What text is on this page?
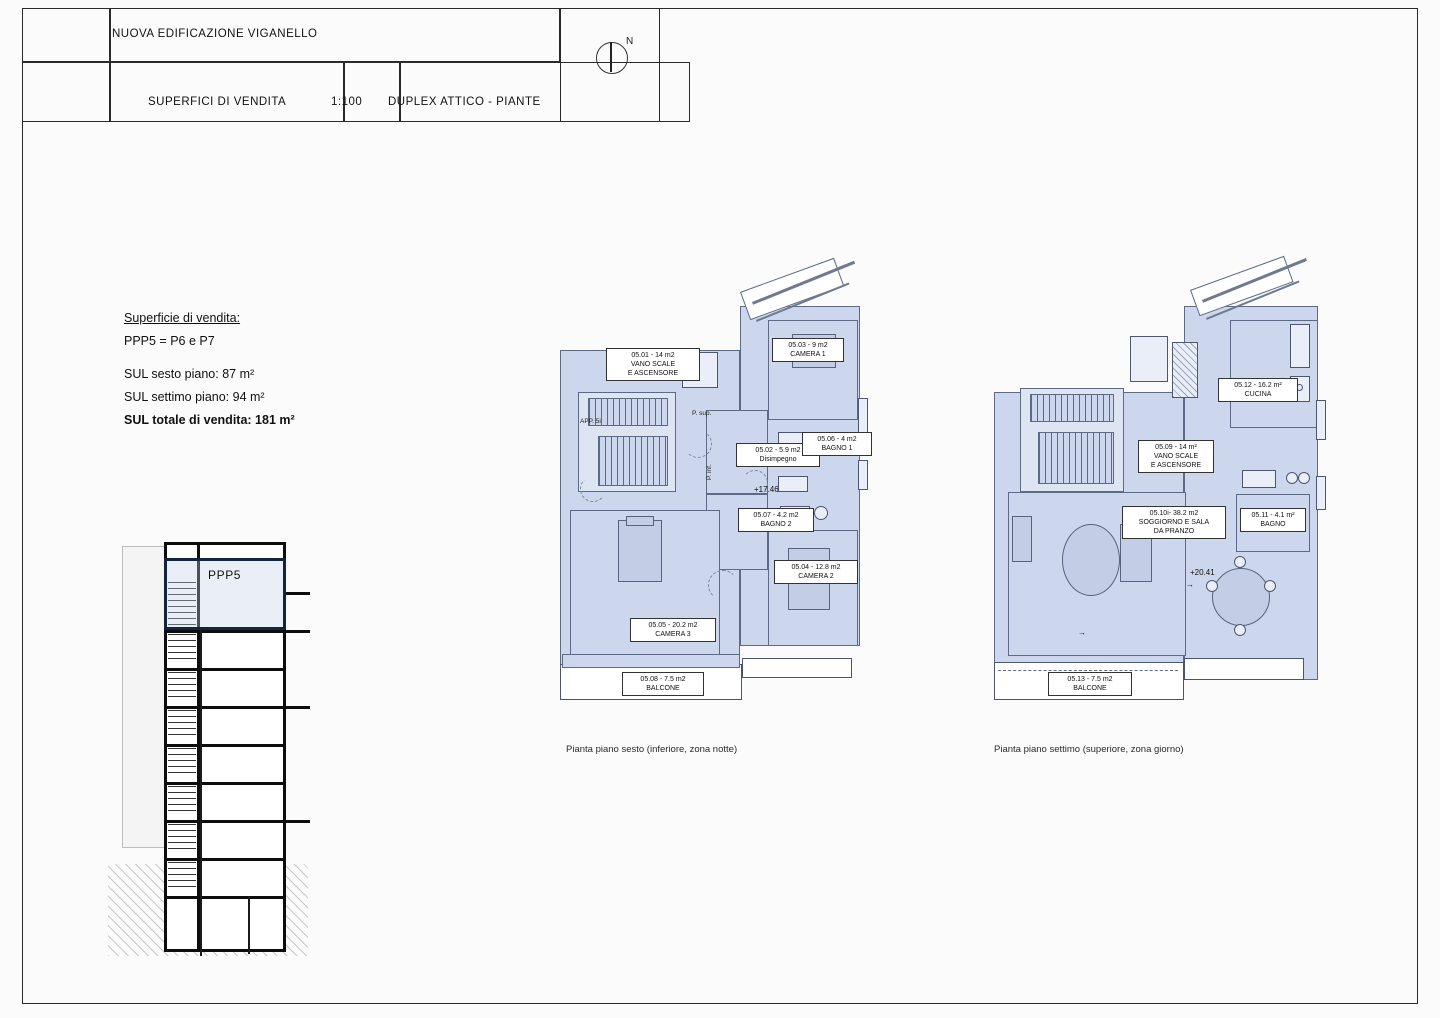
NUOVA EDIFICAZIONE VIGANELLO
SUPERFICI DI VENDITA	1:100 DUPLEX ATTICO - PIANTE
N
Superficie di vendita:
PPP5 = P6 e P7
SUL sesto piano: 87 m²
SUL settimo piano: 94 m²
SUL totale di vendita: 181 m²
PPP5
05.01 - 14 m2
VANO SCALE
E ASCENSORE
05.03 - 9 m2
CAMERA 1
05.02 - 5.9 m2
Disimpegno
05.06 - 4 m2
BAGNO 1
05.07 - 4.2 m2
BAGNO 2
05.04 - 12.8 m2
CAMERA 2
05.05 - 20.2 m2
CAMERA 3
05.08 - 7.5 m2
BALCONE
+17.46
APP. 5i
P. sup.
P. inf.
Pianta piano sesto (inferiore, zona notte)
→
→
05.12 - 16.2 m²
CUCINA
05.09 - 14 m²
VANO SCALE
E ASCENSORE
05.10i- 38.2 m2
SOGGIORNO E SALA
DA PRANZO
05.11 - 4.1 m²
BAGNO
05.13 - 7.5 m2
BALCONE
+20.41
Pianta piano settimo (superiore, zona giorno)
